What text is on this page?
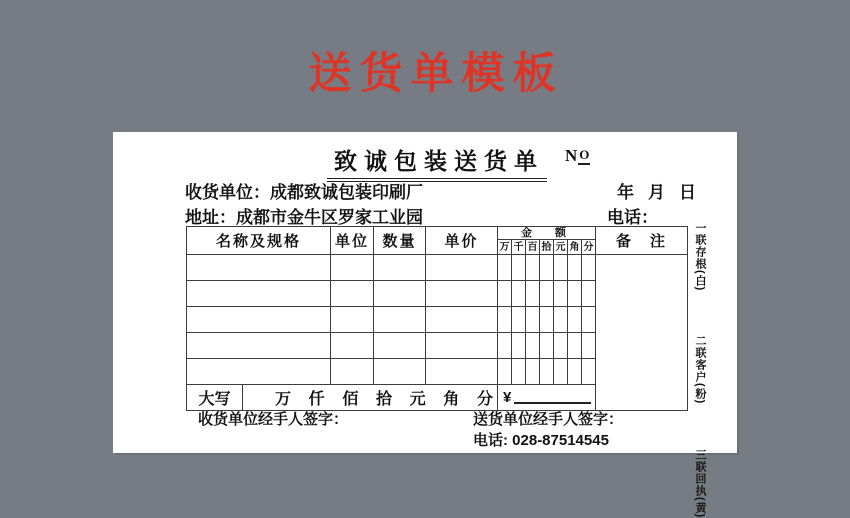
送货单模板
致诚包装送货单 N O
收货单位：成都致诚包装印刷厂	年 月 日
地址：成都市金牛区罗家工业园	电话：
名称及规格		单位	数量	单价	金　额							备　注
					万	千	百	拾	元	角	分	

大写	万 仟 佰 拾 元 角 分	¥
一联存根(白)
二联客户(粉)
三联回执(黄)
收货单位经手人签字：	送货单位经手人签字：
电话: 028-87514545
